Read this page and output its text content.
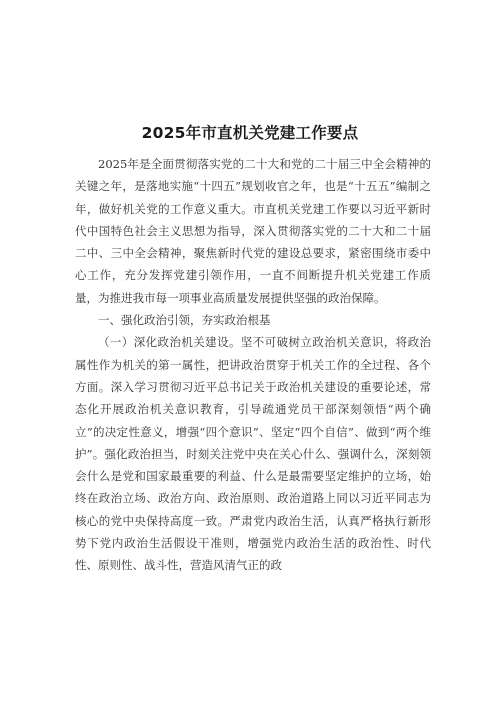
2025年市直机关党建工作要点

2025年是全面贯彻落实党的二十大和党的二十届三中全会精神的关键之年，是落地实施“十四五”规划收官之年，也是“十五五”编制之年，做好机关党的工作意义重大。市直机关党建工作要以习近平新时代中国特色社会主义思想为指导，深入贯彻落实党的二十大和二十届二中、三中全会精神，聚焦新时代党的建设总要求，紧密围绕市委中心工作，充分发挥党建引领作用，一直不间断提升机关党建工作质量，为推进我市每一项事业高质量发展提供坚强的政治保障。

一、强化政治引领，夯实政治根基

（一）深化政治机关建设。坚不可破树立政治机关意识，将政治属性作为机关的第一属性，把讲政治贯穿于机关工作的全过程、各个方面。深入学习贯彻习近平总书记关于政治机关建设的重要论述，常态化开展政治机关意识教育，引导疏通党员干部深刻领悟“两个确立”的决定性意义，增强“四个意识”、坚定“四个自信”、做到“两个维护”。强化政治担当，时刻关注党中央在关心什么、强调什么，深刻领会什么是党和国家最重要的利益、什么是最需要坚定维护的立场，始终在政治立场、政治方向、政治原则、政治道路上同以习近平同志为核心的党中央保持高度一致。严肃党内政治生活，认真严格执行新形势下党内政治生活假设干准则，增强党内政治生活的政治性、时代性、原则性、战斗性，营造风清气正的政
